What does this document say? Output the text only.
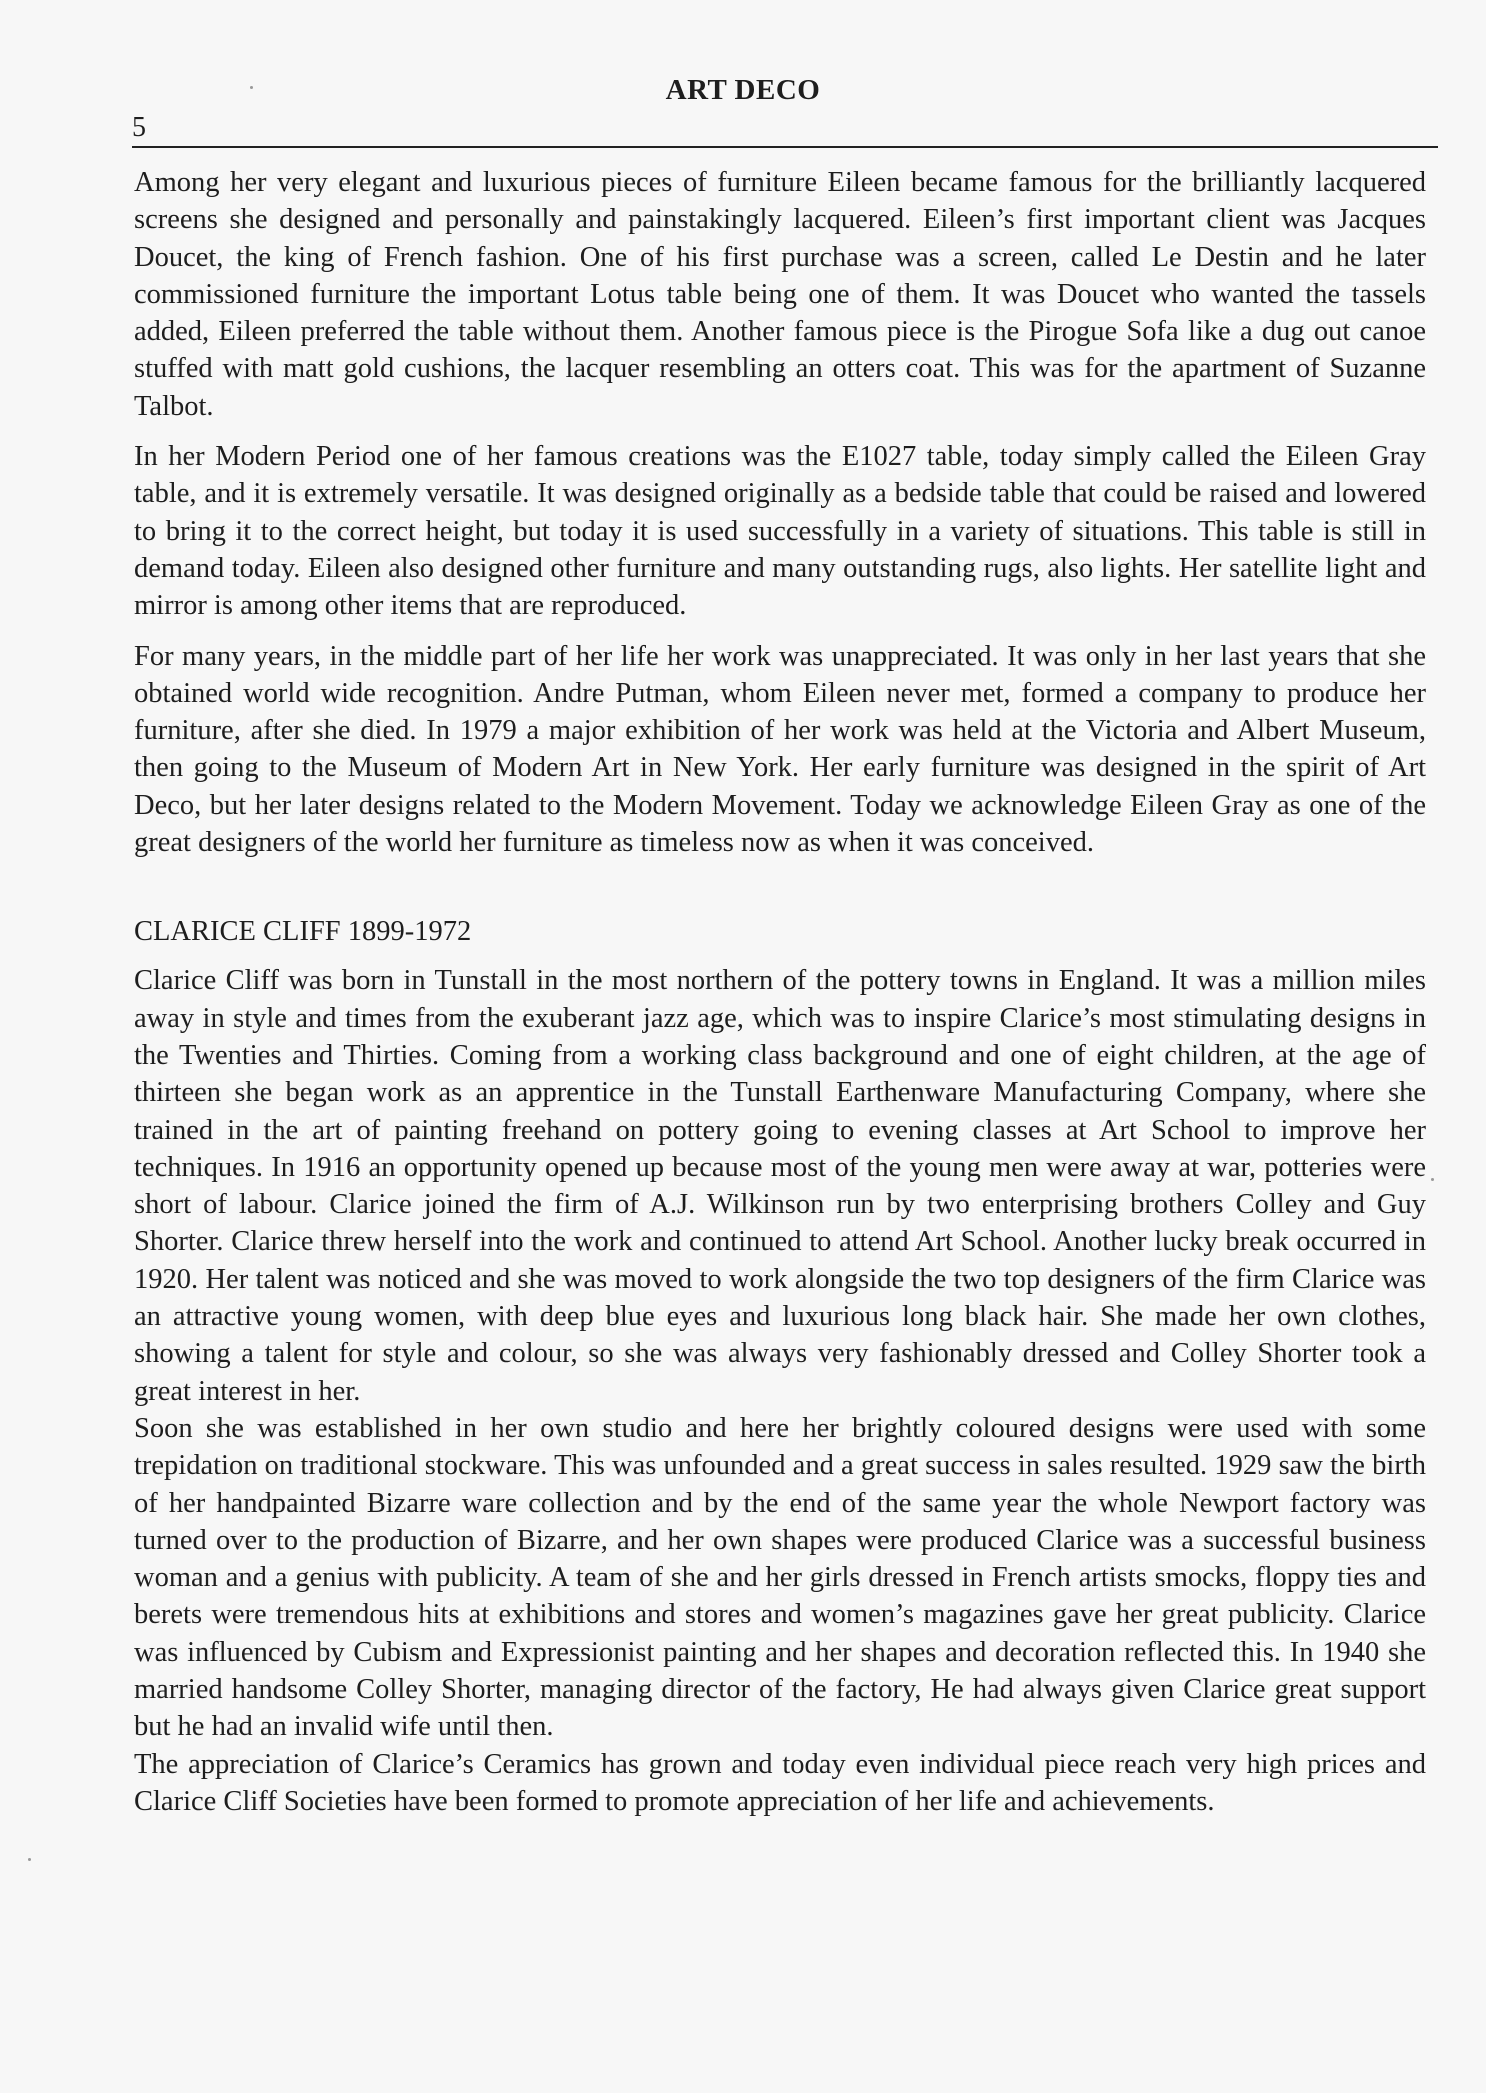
ART DECO
5

Among her very elegant and luxurious pieces of furniture Eileen became famous for the brilliantly lacquered screens she designed and personally and painstakingly lacquered. Eileen’s first important client was Jacques Doucet, the king of French fashion. One of his first purchase was a screen, called Le Destin and he later commissioned furniture the important Lotus table being one of them. It was Doucet who wanted the tassels added, Eileen preferred the table without them. Another famous piece is the Pirogue Sofa like a dug out canoe stuffed with matt gold cushions, the lacquer resembling an otters coat. This was for the apartment of Suzanne Talbot.

In her Modern Period one of her famous creations was the E1027 table, today simply called the Eileen Gray table, and it is extremely versatile. It was designed originally as a bedside table that could be raised and lowered to bring it to the correct height, but today it is used successfully in a variety of situations. This table is still in demand today. Eileen also designed other furniture and many outstanding rugs, also lights. Her satellite light and mirror is among other items that are reproduced.

For many years, in the middle part of her life her work was unappreciated. It was only in her last years that she obtained world wide recognition. Andre Putman, whom Eileen never met, formed a company to produce her furniture, after she died. In 1979 a major exhibition of her work was held at the Victoria and Albert Museum, then going to the Museum of Modern Art in New York. Her early furniture was designed in the spirit of Art Deco, but her later designs related to the Modern Movement. Today we acknowledge Eileen Gray as one of the great designers of the world her furniture as timeless now as when it was conceived.

CLARICE CLIFF 1899-1972

Clarice Cliff was born in Tunstall in the most northern of the pottery towns in England. It was a million miles away in style and times from the exuberant jazz age, which was to inspire Clarice’s most stimulating designs in the Twenties and Thirties. Coming from a working class background and one of eight children, at the age of thirteen she began work as an apprentice in the Tunstall Earthenware Manufacturing Company, where she trained in the art of painting freehand on pottery going to evening classes at Art School to improve her techniques. In 1916 an opportunity opened up because most of the young men were away at war, potteries were short of labour. Clarice joined the firm of A.J. Wilkinson run by two enterprising brothers Colley and Guy Shorter. Clarice threw herself into the work and continued to attend Art School. Another lucky break occurred in 1920. Her talent was noticed and she was moved to work alongside the two top designers of the firm Clarice was an attractive young women, with deep blue eyes and luxurious long black hair. She made her own clothes, showing a talent for style and colour, so she was always very fashionably dressed and Colley Shorter took a great interest in her.

Soon she was established in her own studio and here her brightly coloured designs were used with some trepidation on traditional stockware. This was unfounded and a great success in sales resulted. 1929 saw the birth of her handpainted Bizarre ware collection and by the end of the same year the whole Newport factory was turned over to the production of Bizarre, and her own shapes were produced Clarice was a successful business woman and a genius with publicity. A team of she and her girls dressed in French artists smocks, floppy ties and berets were tremendous hits at exhibitions and stores and women’s magazines gave her great publicity. Clarice was influenced by Cubism and Expressionist painting and her shapes and decoration reflected this. In 1940 she married handsome Colley Shorter, managing director of the factory, He had always given Clarice great support but he had an invalid wife until then.

The appreciation of Clarice’s Ceramics has grown and today even individual piece reach very high prices and Clarice Cliff Societies have been formed to promote appreciation of her life and achievements.
